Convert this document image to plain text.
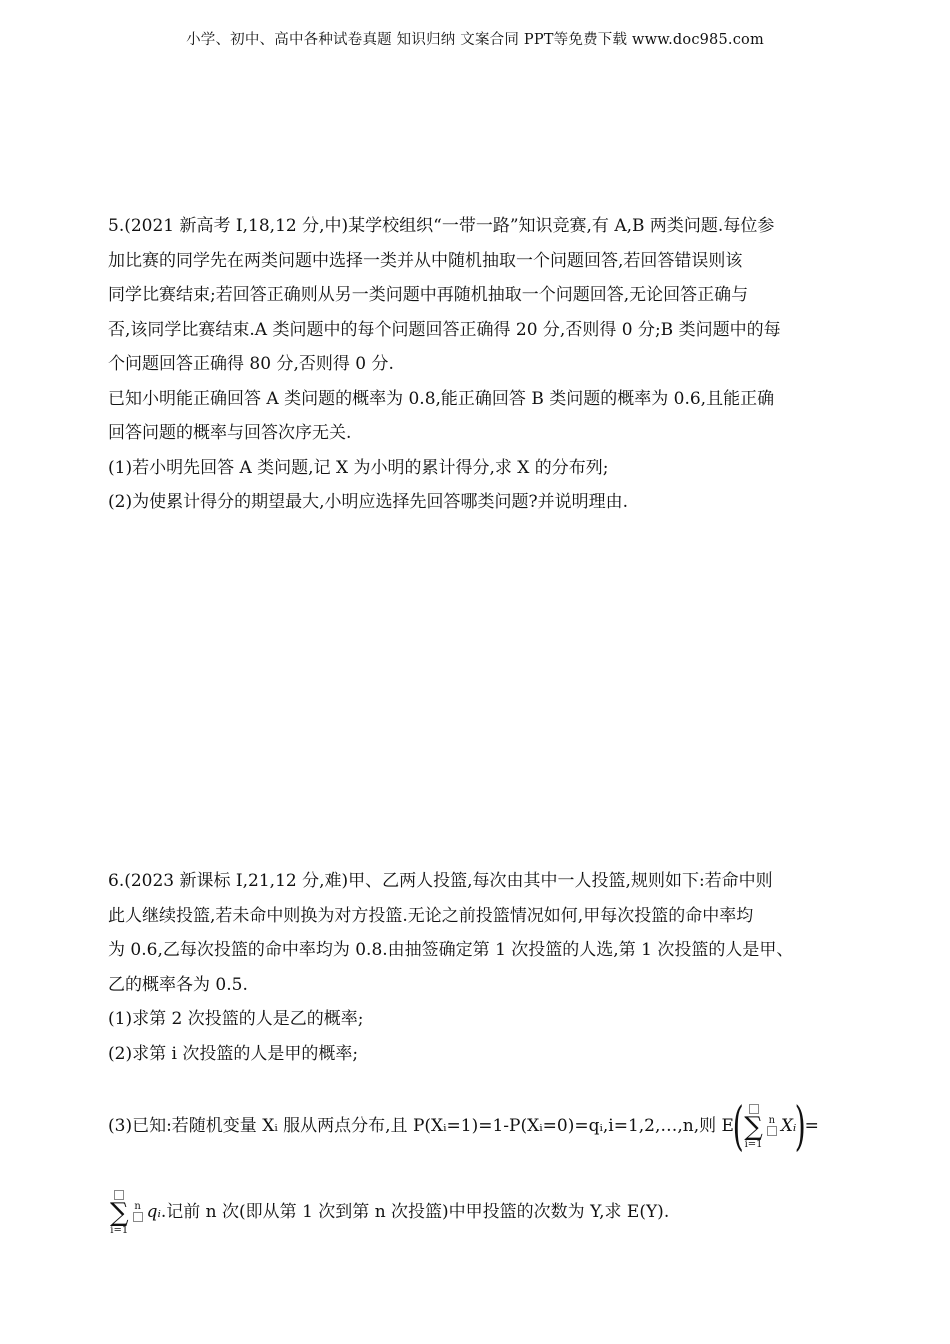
小学、初中、高中各种试卷真题 知识归纳 文案合同 PPT等免费下载 www.doc985.com
5.(2021 新高考 Ⅰ,18,12 分,中)某学校组织“一带一路”知识竞赛,有 A,B 两类问题.每位参
加比赛的同学先在两类问题中选择一类并从中随机抽取一个问题回答,若回答错误则该
同学比赛结束;若回答正确则从另一类问题中再随机抽取一个问题回答,无论回答正确与
否,该同学比赛结束.A 类问题中的每个问题回答正确得 20 分,否则得 0 分;B 类问题中的每
个问题回答正确得 80 分,否则得 0 分.
已知小明能正确回答 A 类问题的概率为 0.8,能正确回答 B 类问题的概率为 0.6,且能正确
回答问题的概率与回答次序无关.
(1)若小明先回答 A 类问题,记 X 为小明的累计得分,求 X 的分布列;
(2)为使累计得分的期望最大,小明应选择先回答哪类问题?并说明理由.
6.(2023 新课标 Ⅰ,21,12 分,难)甲、乙两人投篮,每次由其中一人投篮,规则如下:若命中则
此人继续投篮,若未命中则换为对方投篮.无论之前投篮情况如何,甲每次投篮的命中率均
为 0.6,乙每次投篮的命中率均为 0.8.由抽签确定第 1 次投篮的人选,第 1 次投篮的人是甲、
乙的概率各为 0.5.
(1)求第 2 次投篮的人是乙的概率;
(2)求第 i 次投篮的人是甲的概率;
(3)已知:若随机变量 Xᵢ 服从两点分布,且 P(Xᵢ=1)=1-P(Xᵢ=0)=qᵢ,i=1,2,…,n,则 E( ∑
i=1
n Xᵢ)=
∑
i=1
n qᵢ.记前 n 次(即从第 1 次到第 n 次投篮)中甲投篮的次数为 Y,求 E(Y).
